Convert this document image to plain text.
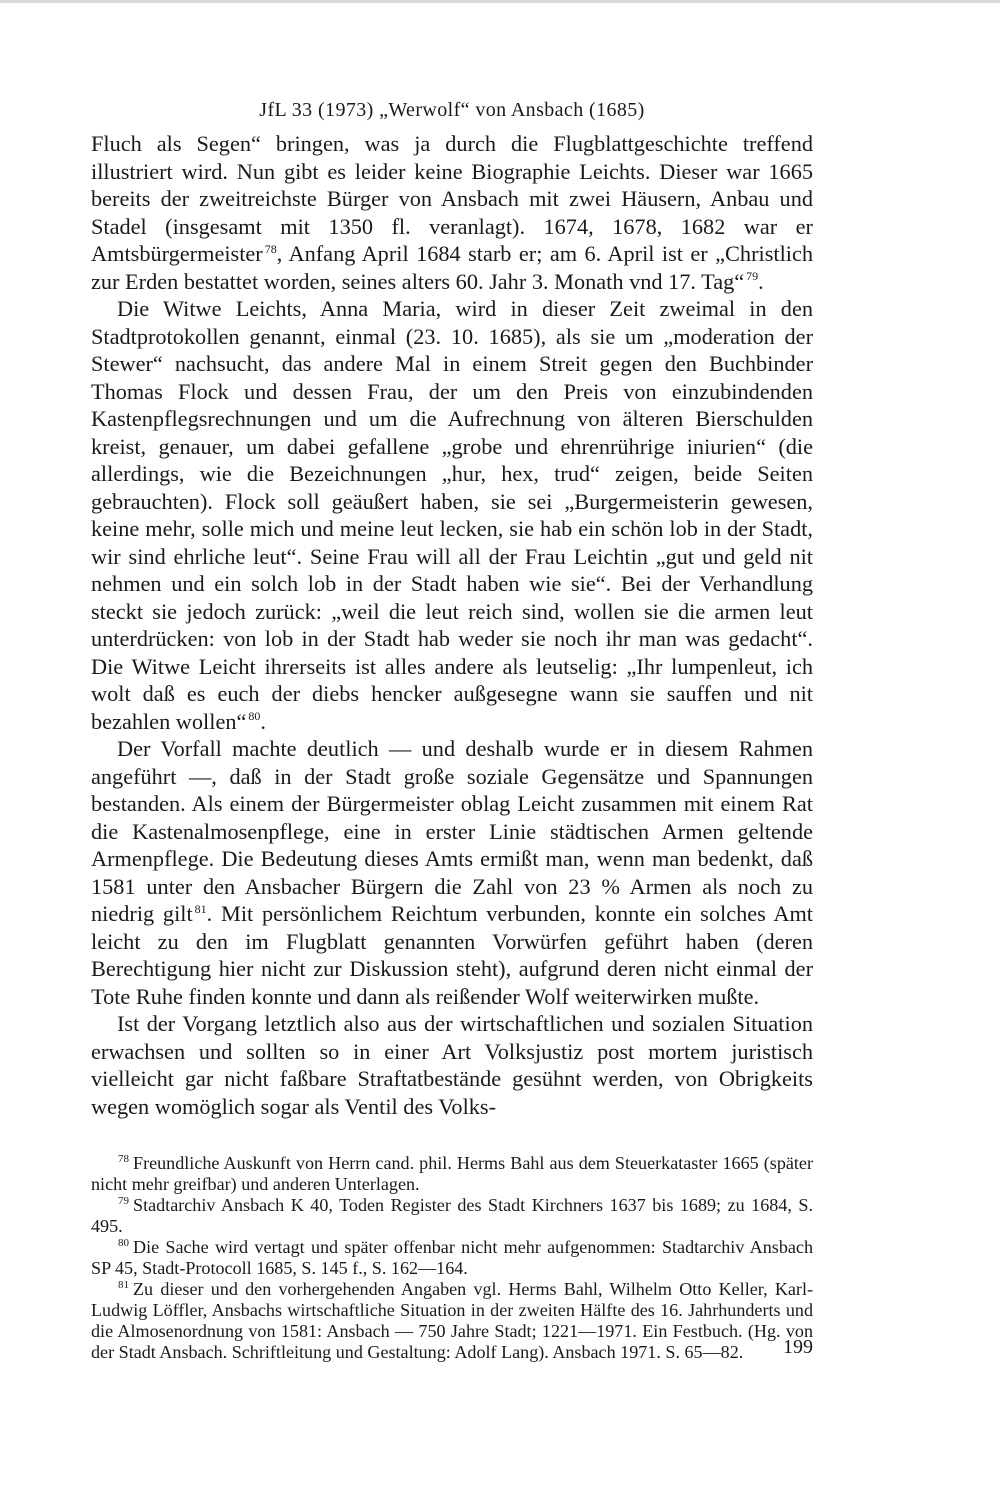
JfL 33 (1973) „Werwolf“ von Ansbach (1685)

Fluch als Segen“ bringen, was ja durch die Flugblattgeschichte treffend illustriert wird. Nun gibt es leider keine Biographie Leichts. Dieser war 1665 bereits der zweitreichste Bürger von Ansbach mit zwei Häusern, Anbau und Stadel (insgesamt mit 1350 fl. veranlagt). 1674, 1678, 1682 war er Amtsbürgermeister $^{78}$, Anfang April 1684 starb er; am 6. April ist er „Christlich zur Erden bestattet worden, seines alters 60. Jahr 3. Monath vnd 17. Tag“ $^{79}$.

Die Witwe Leichts, Anna Maria, wird in dieser Zeit zweimal in den Stadtprotokollen genannt, einmal (23. 10. 1685), als sie um „moderation der Stewer“ nachsucht, das andere Mal in einem Streit gegen den Buchbinder Thomas Flock und dessen Frau, der um den Preis von einzubindenden Kastenpflegsrechnungen und um die Aufrechnung von älteren Bierschulden kreist, genauer, um dabei gefallene „grobe und ehrenrührige iniurien“ (die allerdings, wie die Bezeichnungen „hur, hex, trud“ zeigen, beide Seiten gebrauchten). Flock soll geäußert haben, sie sei „Burgermeisterin gewesen, keine mehr, solle mich und meine leut lecken, sie hab ein schön lob in der Stadt, wir sind ehrliche leut“. Seine Frau will all der Frau Leichtin „gut und geld nit nehmen und ein solch lob in der Stadt haben wie sie“. Bei der Verhandlung steckt sie jedoch zurück: „weil die leut reich sind, wollen sie die armen leut unterdrücken: von lob in der Stadt hab weder sie noch ihr man was gedacht“. Die Witwe Leicht ihrerseits ist alles andere als leutselig: „Ihr lumpenleut, ich wolt daß es euch der diebs hencker außgesegne wann sie sauffen und nit bezahlen wollen“ $^{80}$.

Der Vorfall machte deutlich — und deshalb wurde er in diesem Rahmen angeführt —, daß in der Stadt große soziale Gegensätze und Spannungen bestanden. Als einem der Bürgermeister oblag Leicht zusammen mit einem Rat die Kastenalmosenpflege, eine in erster Linie städtischen Armen geltende Armenpflege. Die Bedeutung dieses Amts ermißt man, wenn man bedenkt, daß 1581 unter den Ansbacher Bürgern die Zahl von 23 % Armen als noch zu niedrig gilt $^{81}$. Mit persönlichem Reichtum verbunden, konnte ein solches Amt leicht zu den im Flugblatt genannten Vorwürfen geführt haben (deren Berechtigung hier nicht zur Diskussion steht), aufgrund deren nicht einmal der Tote Ruhe finden konnte und dann als reißender Wolf weiterwirken mußte.

Ist der Vorgang letztlich also aus der wirtschaftlichen und sozialen Situation erwachsen und sollten so in einer Art Volksjustiz post mortem juristisch vielleicht gar nicht faßbare Straftatbestände gesühnt werden, von Obrigkeits wegen womöglich sogar als Ventil des Volks-

$^{78}$ Freundliche Auskunft von Herrn cand. phil. Herms Bahl aus dem Steuerkataster 1665 (später nicht mehr greifbar) und anderen Unterlagen.

$^{79}$ Stadtarchiv Ansbach K 40, Toden Register des Stadt Kirchners 1637 bis 1689; zu 1684, S. 495.

$^{80}$ Die Sache wird vertagt und später offenbar nicht mehr aufgenommen: Stadtarchiv Ansbach SP 45, Stadt-Protocoll 1685, S. 145 f., S. 162—164.

$^{81}$ Zu dieser und den vorhergehenden Angaben vgl. Herms Bahl, Wilhelm Otto Keller, Karl-Ludwig Löffler, Ansbachs wirtschaftliche Situation in der zweiten Hälfte des 16. Jahrhunderts und die Almosenordnung von 1581: Ansbach — 750 Jahre Stadt; 1221—1971. Ein Festbuch. (Hg. von der Stadt Ansbach. Schriftleitung und Gestaltung: Adolf Lang). Ansbach 1971. S. 65—82.	199
